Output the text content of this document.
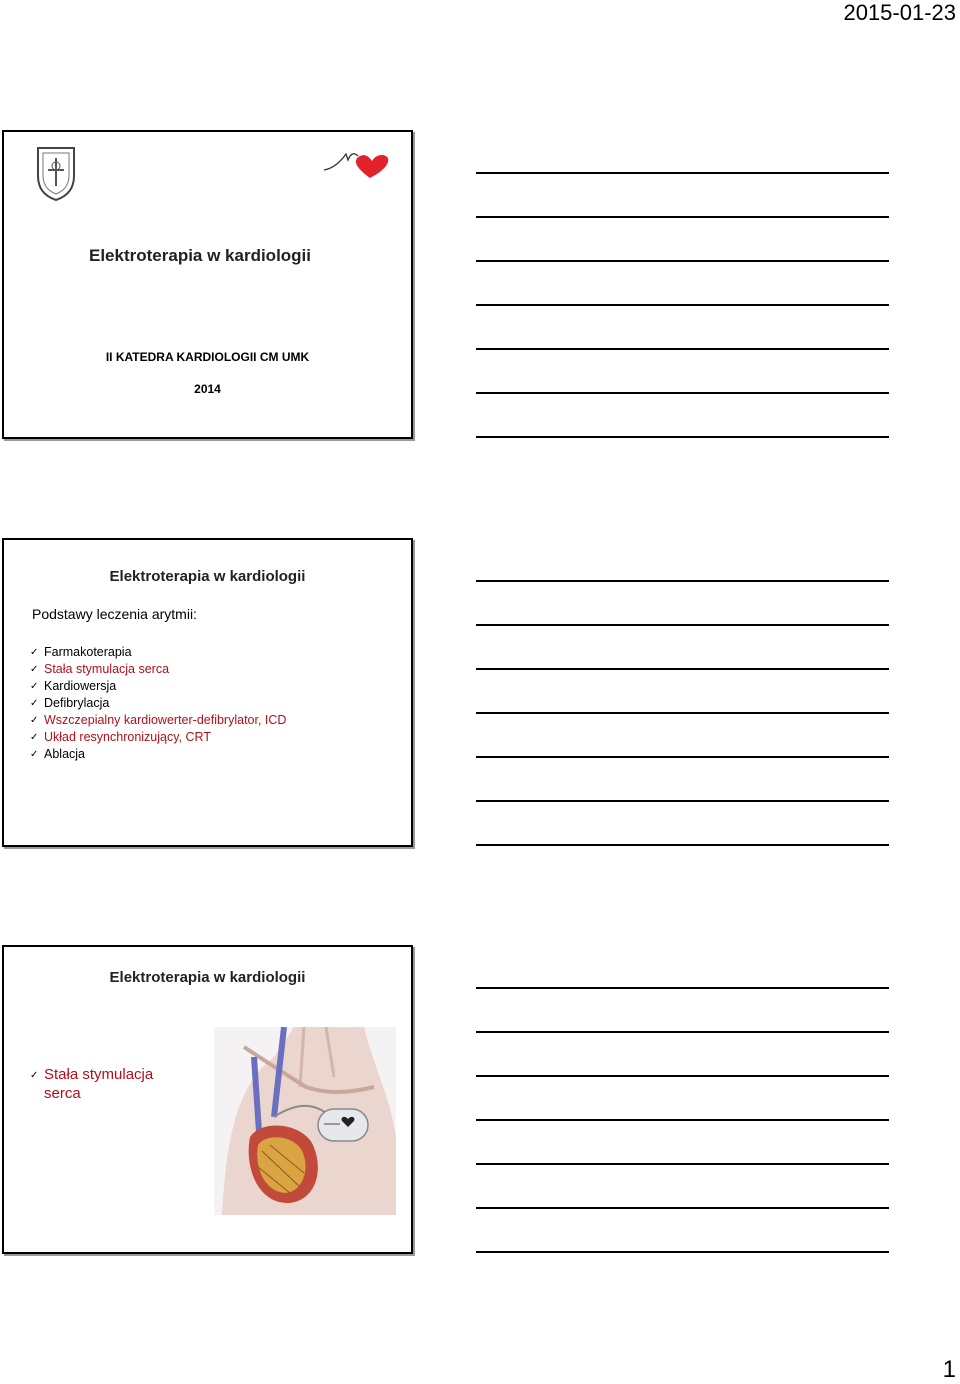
2015-01-23
Elektroterapia w kardiologii
II KATEDRA KARDIOLOGII CM UMK
2014
Elektroterapia w kardiologii
Podstawy leczenia arytmii:
✓ Farmakoterapia
✓ Stała stymulacja serca
✓ Kardiowersja
✓ Defibrylacja
✓ Wszczepialny kardiowerter-defibrylator, ICD
✓ Układ resynchronizujący, CRT
✓ Ablacja
Elektroterapia w kardiologii
✓ Stała stymulacja serca
1
